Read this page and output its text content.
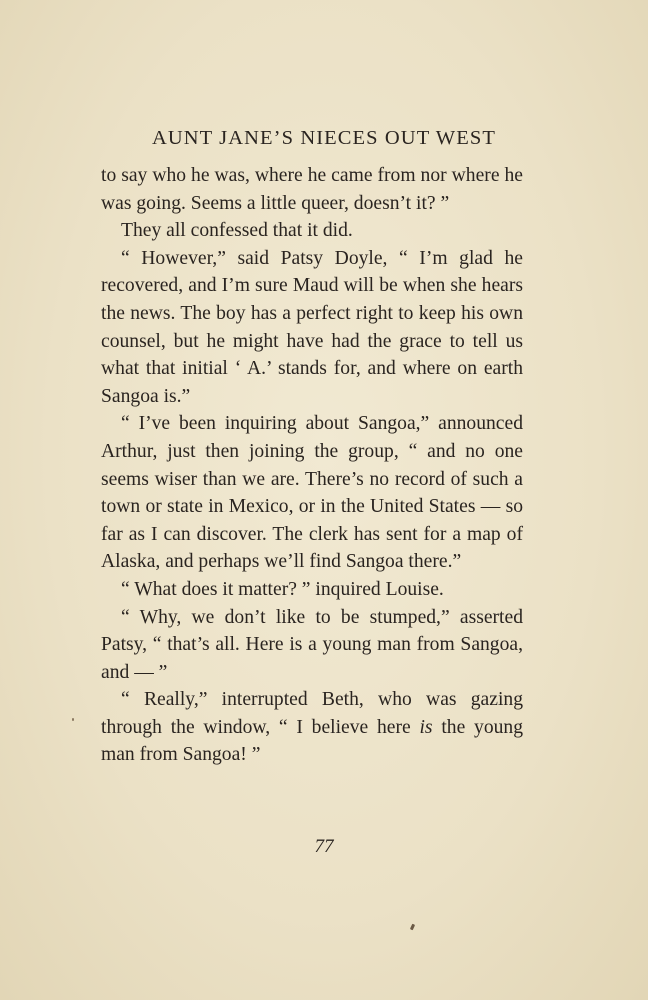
AUNT JANE’S NIECES OUT WEST

to say who he was, where he came from nor where he was going. Seems a little queer, doesn’t it? ”

They all confessed that it did.

“ However,” said Patsy Doyle, “ I’m glad he recovered, and I’m sure Maud will be when she hears the news. The boy has a perfect right to keep his own counsel, but he might have had the grace to tell us what that initial ‘ A.’ stands for, and where on earth Sangoa is.”

“ I’ve been inquiring about Sangoa,” announced Arthur, just then joining the group, “ and no one seems wiser than we are. There’s no record of such a town or state in Mexico, or in the United States — so far as I can discover. The clerk has sent for a map of Alaska, and perhaps we’ll find Sangoa there.”

“ What does it matter? ” inquired Louise.

“ Why, we don’t like to be stumped,” asserted Patsy, “ that’s all. Here is a young man from Sangoa, and — ”

“ Really,” interrupted Beth, who was gazing through the window, “ I believe here is the young man from Sangoa! ”

77
